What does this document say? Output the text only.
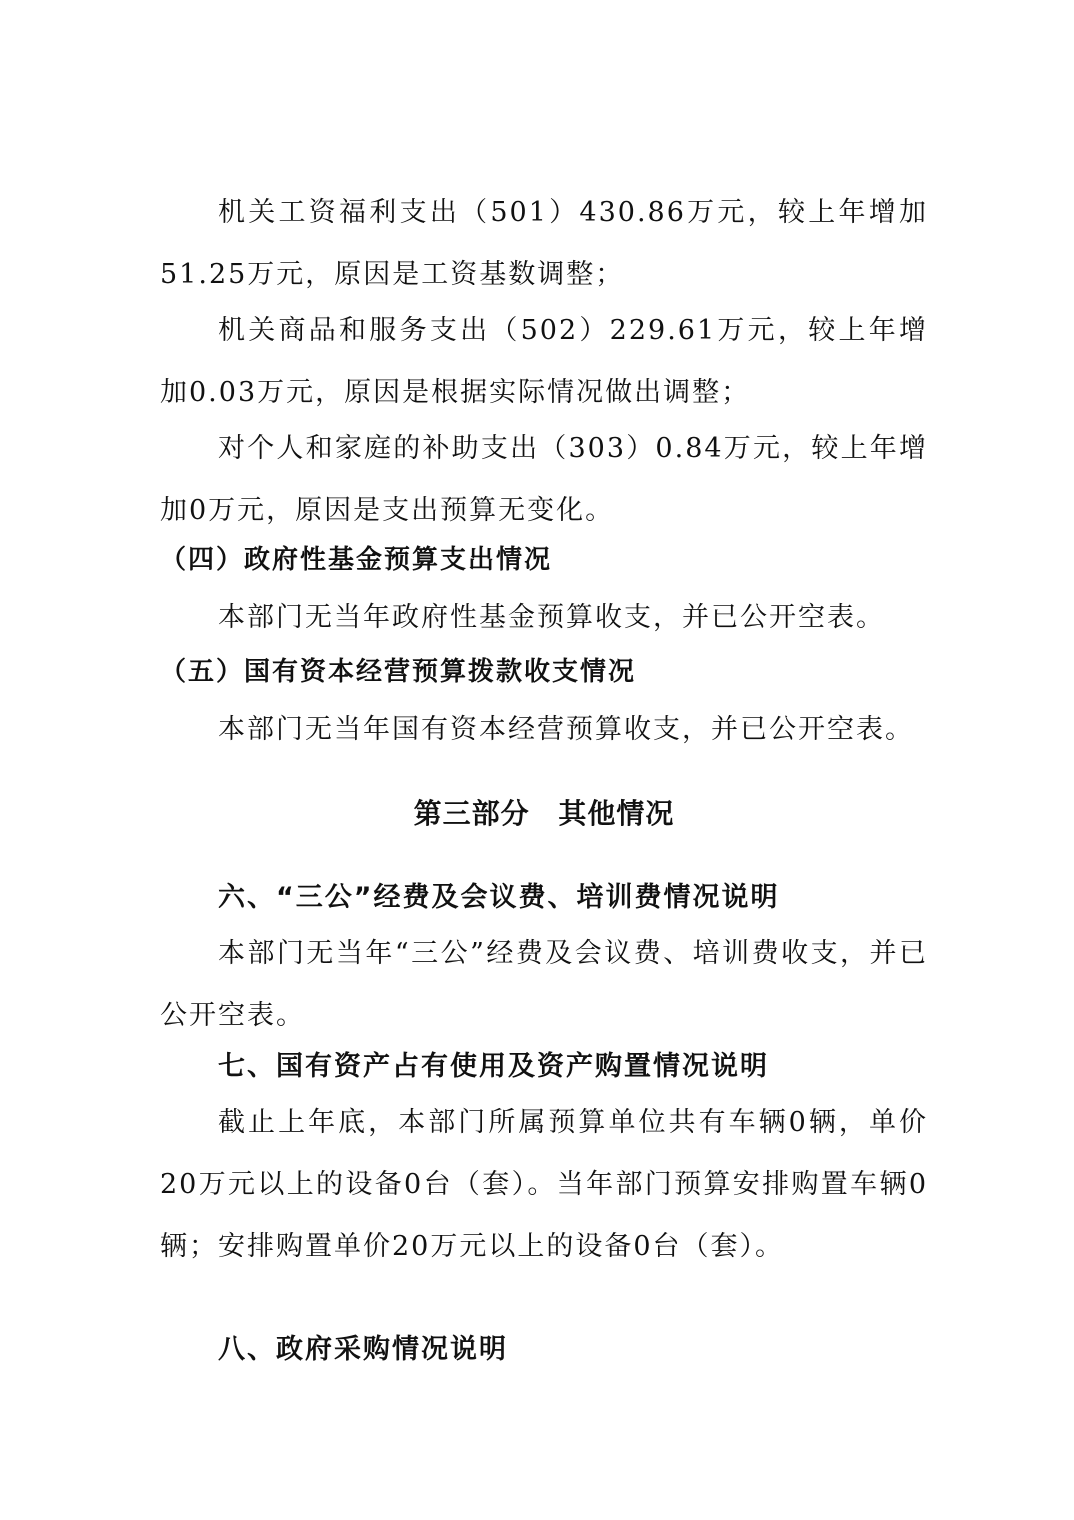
机关工资福利支出（501）430.86万元，较上年增加51.25万元，原因是工资基数调整；

机关商品和服务支出（502）229.61万元，较上年增加0.03万元，原因是根据实际情况做出调整；

对个人和家庭的补助支出（303）0.84万元，较上年增加0万元，原因是支出预算无变化。

（四）政府性基金预算支出情况

本部门无当年政府性基金预算收支，并已公开空表。

（五）国有资本经营预算拨款收支情况

本部门无当年国有资本经营预算收支，并已公开空表。

第三部分 其他情况
六、“三公”经费及会议费、培训费情况说明

本部门无当年“三公”经费及会议费、培训费收支，并已公开空表。

七、国有资产占有使用及资产购置情况说明

截止上年底，本部门所属预算单位共有车辆0辆，单价20万元以上的设备0台（套）。当年部门预算安排购置车辆0辆；安排购置单价20万元以上的设备0台（套）。

八、政府采购情况说明
